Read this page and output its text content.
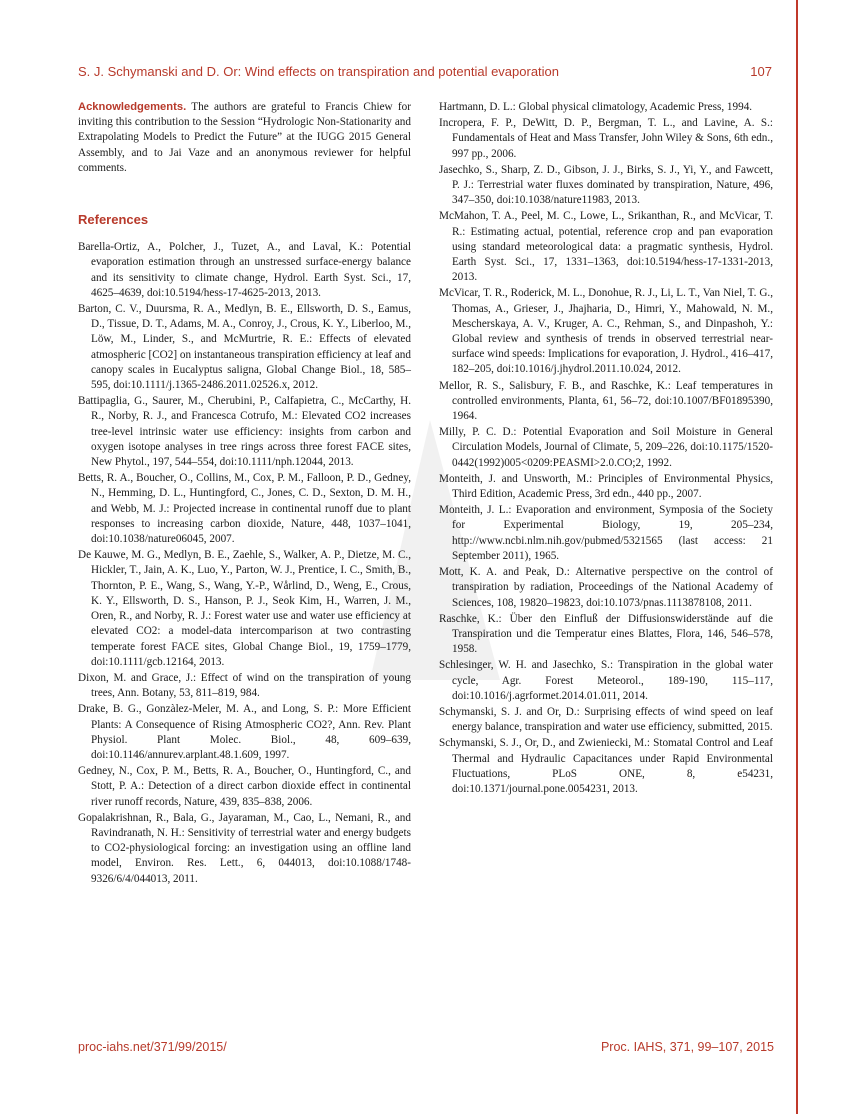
S. J. Schymanski and D. Or: Wind effects on transpiration and potential evaporation	107

Acknowledgements. The authors are grateful to Francis Chiew for inviting this contribution to the Session “Hydrologic Non-Stationarity and Extrapolating Models to Predict the Future” at the IUGG 2015 General Assembly, and to Jai Vaze and an anonymous reviewer for helpful comments.

References

Barella-Ortiz, A., Polcher, J., Tuzet, A., and Laval, K.: Potential evaporation estimation through an unstressed surface-energy balance and its sensitivity to climate change, Hydrol. Earth Syst. Sci., 17, 4625–4639, doi:10.5194/hess-17-4625-2013, 2013.

Barton, C. V., Duursma, R. A., Medlyn, B. E., Ellsworth, D. S., Eamus, D., Tissue, D. T., Adams, M. A., Conroy, J., Crous, K. Y., Liberloo, M., Löw, M., Linder, S., and McMurtrie, R. E.: Effects of elevated atmospheric [CO2] on instantaneous transpiration efficiency at leaf and canopy scales in Eucalyptus saligna, Global Change Biol., 18, 585–595, doi:10.1111/j.1365-2486.2011.02526.x, 2012.

Battipaglia, G., Saurer, M., Cherubini, P., Calfapietra, C., McCarthy, H. R., Norby, R. J., and Francesca Cotrufo, M.: Elevated CO2 increases tree-level intrinsic water use efficiency: insights from carbon and oxygen isotope analyses in tree rings across three forest FACE sites, New Phytol., 197, 544–554, doi:10.1111/nph.12044, 2013.

Betts, R. A., Boucher, O., Collins, M., Cox, P. M., Falloon, P. D., Gedney, N., Hemming, D. L., Huntingford, C., Jones, C. D., Sexton, D. M. H., and Webb, M. J.: Projected increase in continental runoff due to plant responses to increasing carbon dioxide, Nature, 448, 1037–1041, doi:10.1038/nature06045, 2007.

De Kauwe, M. G., Medlyn, B. E., Zaehle, S., Walker, A. P., Dietze, M. C., Hickler, T., Jain, A. K., Luo, Y., Parton, W. J., Prentice, I. C., Smith, B., Thornton, P. E., Wang, S., Wang, Y.-P., Wårlind, D., Weng, E., Crous, K. Y., Ellsworth, D. S., Hanson, P. J., Seok Kim, H., Warren, J. M., Oren, R., and Norby, R. J.: Forest water use and water use efficiency at elevated CO2: a model-data intercomparison at two contrasting temperate forest FACE sites, Global Change Biol., 19, 1759–1779, doi:10.1111/gcb.12164, 2013.

Dixon, M. and Grace, J.: Effect of wind on the transpiration of young trees, Ann. Botany, 53, 811–819, 984.

Drake, B. G., Gonzàlez-Meler, M. A., and Long, S. P.: More Efficient Plants: A Consequence of Rising Atmospheric CO2?, Ann. Rev. Plant Physiol. Plant Molec. Biol., 48, 609–639, doi:10.1146/annurev.arplant.48.1.609, 1997.

Gedney, N., Cox, P. M., Betts, R. A., Boucher, O., Huntingford, C., and Stott, P. A.: Detection of a direct carbon dioxide effect in continental river runoff records, Nature, 439, 835–838, 2006.

Gopalakrishnan, R., Bala, G., Jayaraman, M., Cao, L., Nemani, R., and Ravindranath, N. H.: Sensitivity of terrestrial water and energy budgets to CO2-physiological forcing: an investigation using an offline land model, Environ. Res. Lett., 6, 044013, doi:10.1088/1748-9326/6/4/044013, 2011.

Hartmann, D. L.: Global physical climatology, Academic Press, 1994.

Incropera, F. P., DeWitt, D. P., Bergman, T. L., and Lavine, A. S.: Fundamentals of Heat and Mass Transfer, John Wiley & Sons, 6th edn., 997 pp., 2006.

Jasechko, S., Sharp, Z. D., Gibson, J. J., Birks, S. J., Yi, Y., and Fawcett, P. J.: Terrestrial water fluxes dominated by transpiration, Nature, 496, 347–350, doi:10.1038/nature11983, 2013.

McMahon, T. A., Peel, M. C., Lowe, L., Srikanthan, R., and McVicar, T. R.: Estimating actual, potential, reference crop and pan evaporation using standard meteorological data: a pragmatic synthesis, Hydrol. Earth Syst. Sci., 17, 1331–1363, doi:10.5194/hess-17-1331-2013, 2013.

McVicar, T. R., Roderick, M. L., Donohue, R. J., Li, L. T., Van Niel, T. G., Thomas, A., Grieser, J., Jhajharia, D., Himri, Y., Mahowald, N. M., Mescherskaya, A. V., Kruger, A. C., Rehman, S., and Dinpashoh, Y.: Global review and synthesis of trends in observed terrestrial near-surface wind speeds: Implications for evaporation, J. Hydrol., 416–417, 182–205, doi:10.1016/j.jhydrol.2011.10.024, 2012.

Mellor, R. S., Salisbury, F. B., and Raschke, K.: Leaf temperatures in controlled environments, Planta, 61, 56–72, doi:10.1007/BF01895390, 1964.

Milly, P. C. D.: Potential Evaporation and Soil Moisture in General Circulation Models, Journal of Climate, 5, 209–226, doi:10.1175/1520-0442(1992)005<0209:PEASMI>2.0.CO;2, 1992.

Monteith, J. and Unsworth, M.: Principles of Environmental Physics, Third Edition, Academic Press, 3rd edn., 440 pp., 2007.

Monteith, J. L.: Evaporation and environment, Symposia of the Society for Experimental Biology, 19, 205–234, http://www.ncbi.nlm.nih.gov/pubmed/5321565 (last access: 21 September 2011), 1965.

Mott, K. A. and Peak, D.: Alternative perspective on the control of transpiration by radiation, Proceedings of the National Academy of Sciences, 108, 19820–19823, doi:10.1073/pnas.1113878108, 2011.

Raschke, K.: Über den Einfluß der Diffusionswiderstände auf die Transpiration und die Temperatur eines Blattes, Flora, 146, 546–578, 1958.

Schlesinger, W. H. and Jasechko, S.: Transpiration in the global water cycle, Agr. Forest Meteorol., 189-190, 115–117, doi:10.1016/j.agrformet.2014.01.011, 2014.

Schymanski, S. J. and Or, D.: Surprising effects of wind speed on leaf energy balance, transpiration and water use efficiency, submitted, 2015.

Schymanski, S. J., Or, D., and Zwieniecki, M.: Stomatal Control and Leaf Thermal and Hydraulic Capacitances under Rapid Environmental Fluctuations, PLoS ONE, 8, e54231, doi:10.1371/journal.pone.0054231, 2013.

proc-iahs.net/371/99/2015/	Proc. IAHS, 371, 99–107, 2015
